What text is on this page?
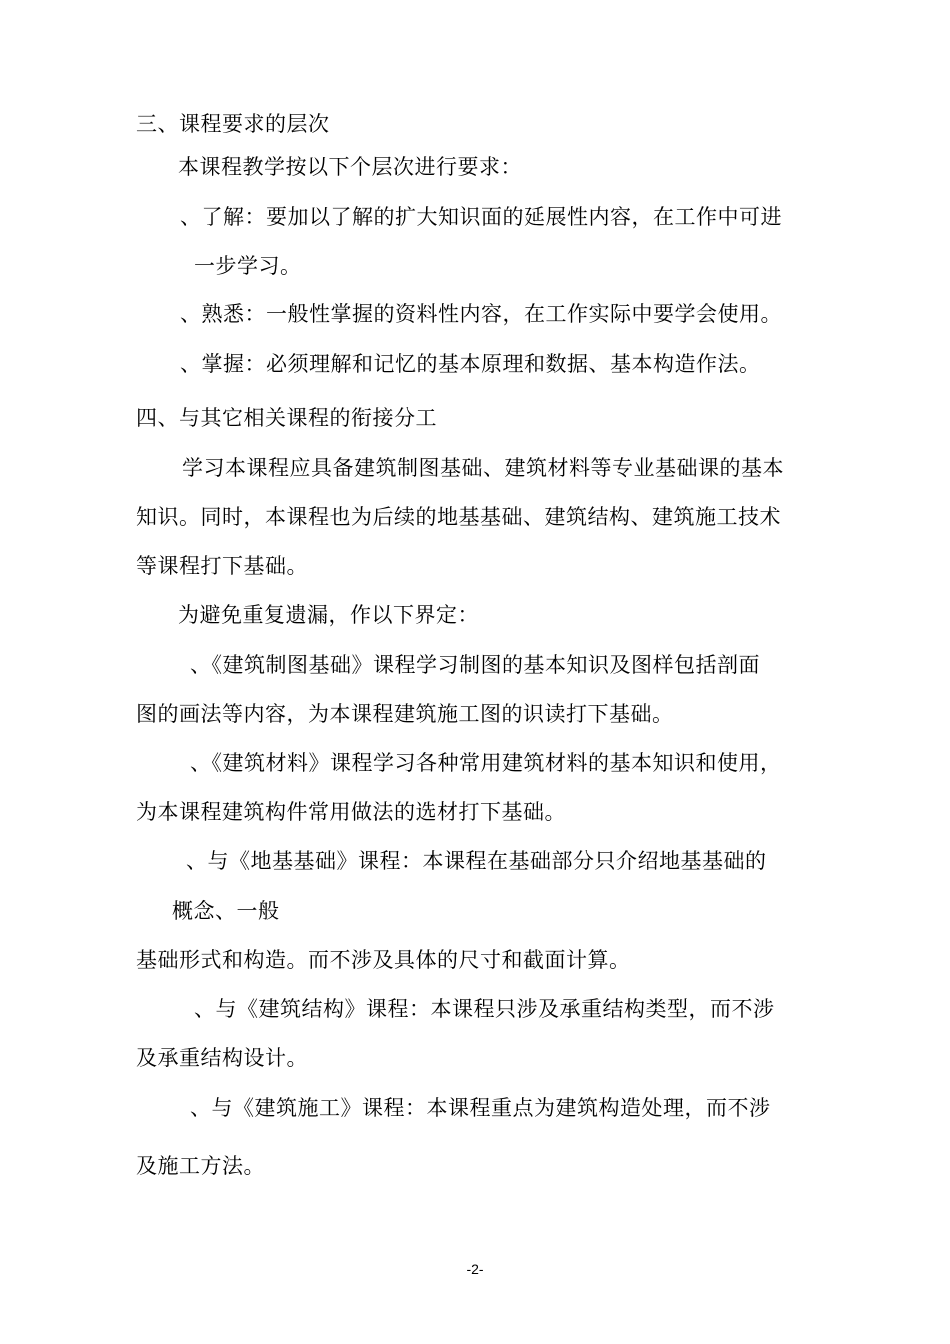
三、课程要求的层次
本课程教学按以下个层次进行要求：
、了解：要加以了解的扩大知识面的延展性内容，在工作中可进
一步学习。
、熟悉：一般性掌握的资料性内容，在工作实际中要学会使用。
、掌握：必须理解和记忆的基本原理和数据、基本构造作法。
四、与其它相关课程的衔接分工
学习本课程应具备建筑制图基础、建筑材料等专业基础课的基本
知识。同时，本课程也为后续的地基基础、建筑结构、建筑施工技术
等课程打下基础。
为避免重复遗漏，作以下界定：
、《建筑制图基础》课程学习制图的基本知识及图样包括剖面
图的画法等内容，为本课程建筑施工图的识读打下基础。
、《建筑材料》课程学习各种常用建筑材料的基本知识和使用，
为本课程建筑构件常用做法的选材打下基础。
、与《地基基础》课程：本课程在基础部分只介绍地基基础的
概念、一般
基础形式和构造。而不涉及具体的尺寸和截面计算。
、与《建筑结构》课程：本课程只涉及承重结构类型，而不涉
及承重结构设计。
、与《建筑施工》课程：本课程重点为建筑构造处理，而不涉
及施工方法。
-2-
